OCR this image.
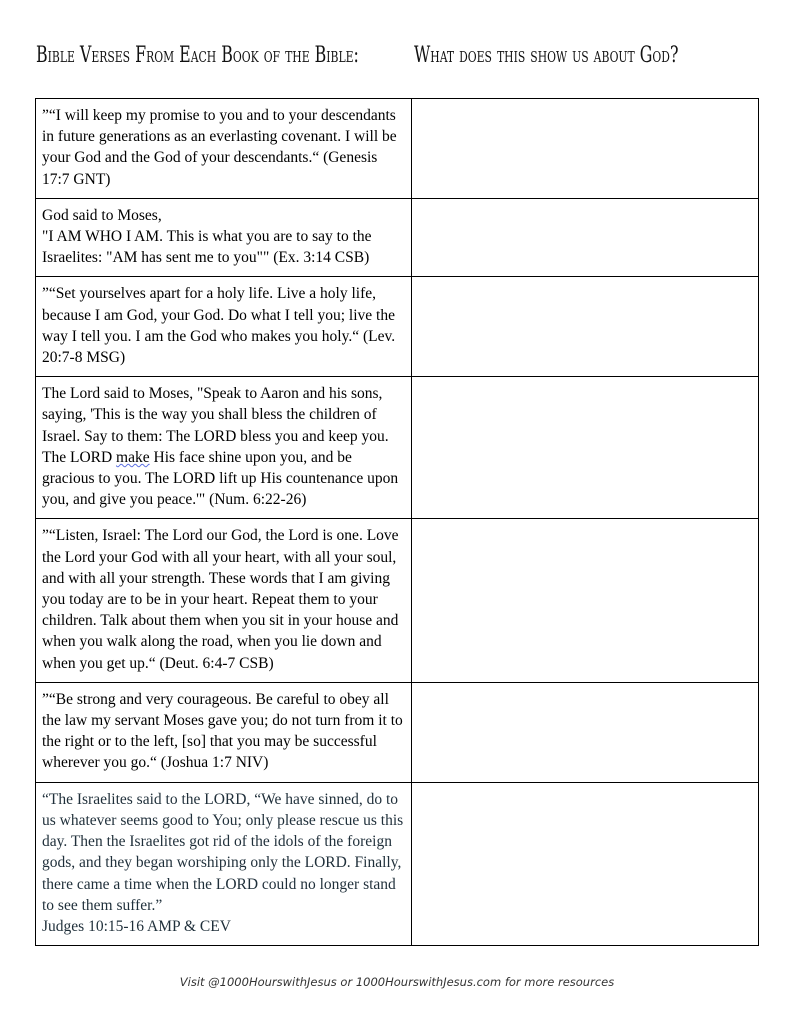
Bible Verses From Each Book of the Bible:	What does this show us about God?
”“I will keep my promise to you and to your descendants in future generations as an everlasting covenant. I will be your God and the God of your descendants.“ (Genesis 17:7 GNT)	

God said to Moses,
"I AM WHO I AM. This is what you are to say to the Israelites: "AM has sent me to you"" (Ex. 3:14 CSB)	

”“Set yourselves apart for a holy life. Live a holy life, because I am God, your God. Do what I tell you; live the way I tell you. I am the God who makes you holy.“ (Lev. 20:7-8 MSG)	
The Lord said to Moses, "Speak to Aaron and his sons, saying, 'This is the way you shall bless the children of Israel. Say to them: The LORD bless you and keep you. The LORD make His face shine upon you, and be gracious to you. The LORD lift up His countenance upon you, and give you peace.'" (Num. 6:22-26)	
”“Listen, Israel: The Lord our God, the Lord is one. Love the Lord your God with all your heart, with all your soul, and with all your strength. These words that I am giving you today are to be in your heart. Repeat them to your children. Talk about them when you sit in your house and when you walk along the road, when you lie down and when you get up.“ (Deut. 6:4-7 CSB)	
”“Be strong and very courageous. Be careful to obey all the law my servant Moses gave you; do not turn from it to the right or to the left, [so] that you may be successful wherever you go.“ (Joshua 1:7 NIV)	

“The Israelites said to the LORD, “We have sinned, do to us whatever seems good to You; only please rescue us this day. Then the Israelites got rid of the idols of the foreign gods, and they began worshiping only the LORD. Finally, there came a time when the LORD could no longer stand to see them suffer.”
Judges 10:15-16 AMP & CEV	

Visit @1000HourswithJesus or 1000HourswithJesus.com for more resources
